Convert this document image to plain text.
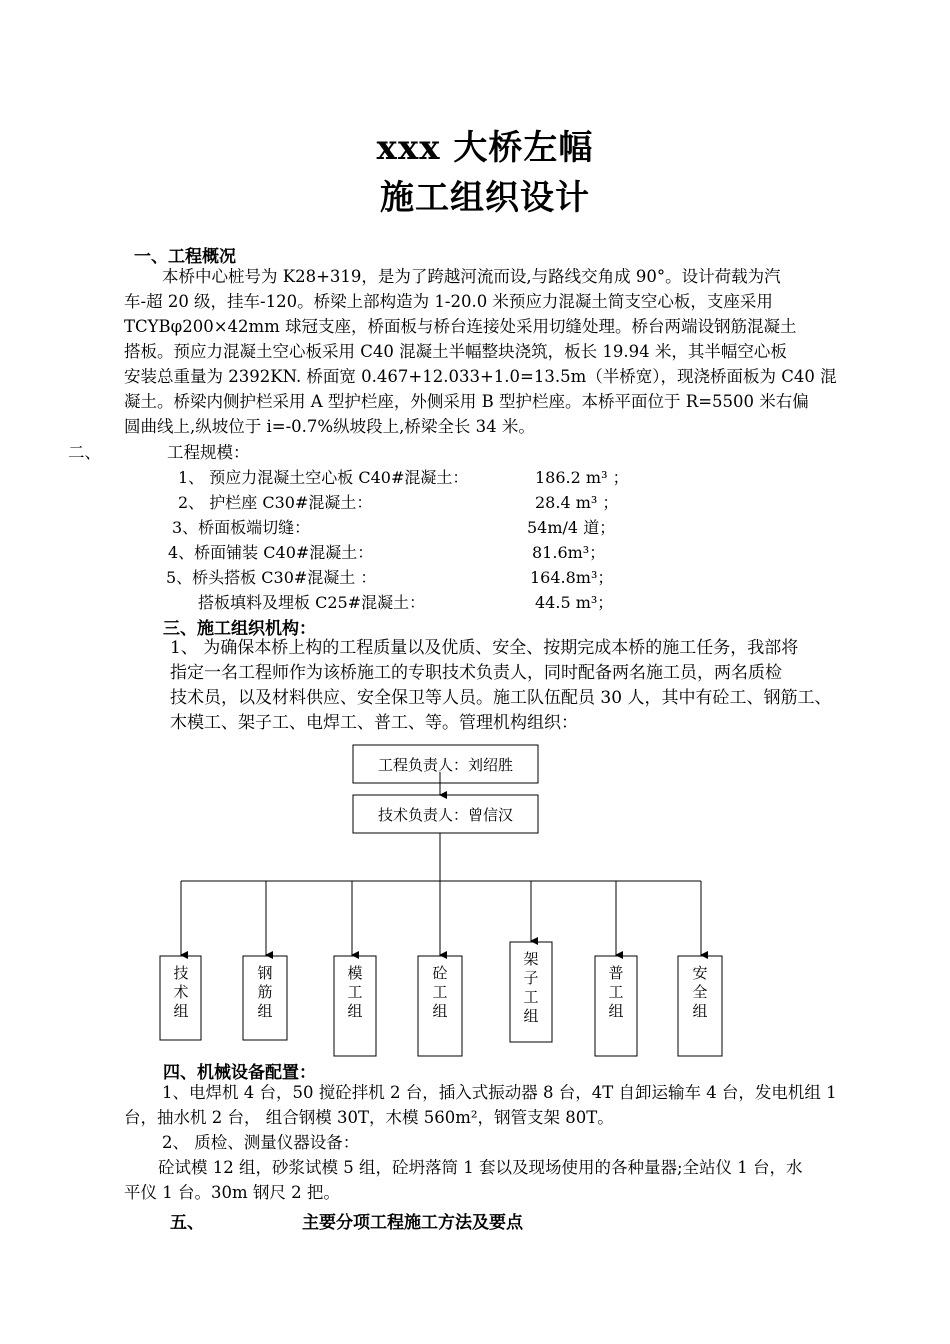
xxx 大桥左幅
施工组织设计
一、工程概况
本桥中心桩号为 K28+319，是为了跨越河流而设,与路线交角成 90°。设计荷载为汽
车-超 20 级，挂车-120。桥梁上部构造为 1-20.0 米预应力混凝土简支空心板，支座采用
TCYBφ200×42mm 球冠支座，桥面板与桥台连接处采用切缝处理。桥台两端设钢筋混凝土
搭板。预应力混凝土空心板采用 C40 混凝土半幅整块浇筑，板长 19.94 米，其半幅空心板
安装总重量为 2392KN. 桥面宽 0.467+12.033+1.0=13.5m（半桥宽），现浇桥面板为 C40 混
凝土。桥梁内侧护栏采用 A 型护栏座，外侧采用 B 型护栏座。本桥平面位于 R=5500 米右偏
圆曲线上,纵坡位于 i=-0.7%纵坡段上,桥梁全长 34 米。
二、	工程规模：
1、 预应力混凝土空心板 C40#混凝土：	186.2 m³ ；
2、 护栏座 C30#混凝土：	28.4 m³ ；
3、桥面板端切缝：	54m/4 道；
4、桥面铺装 C40#混凝土：	81.6m³；
5、桥头搭板 C30#混凝土 ：	164.8m³；
搭板填料及埋板 C25#混凝土：	44.5 m³；
三、施工组织机构：
1、 为确保本桥上构的工程质量以及优质、安全、按期完成本桥的施工任务，我部将
指定一名工程师作为该桥施工的专职技术负责人，同时配备两名施工员，两名质检
技术员，以及材料供应、安全保卫等人员。施工队伍配员 30 人，其中有砼工、钢筋工、
木模工、架子工、电焊工、普工、等。管理机构组织：
工程负责人：刘绍胜
技术负责人：曾信汉
技
术
组
钢
筋
组
模
工
组
砼
工
组
架
子
工
组
普
工
组
安
全
组
四、机械设备配置：
1、电焊机 4 台，50 搅砼拌机 2 台，插入式振动器 8 台，4T 自卸运输车 4 台，发电机组 1
台，抽水机 2 台， 组合钢模 30T，木模 560m²，钢管支架 80T。
2、 质检、测量仪器设备：
砼试模 12 组，砂浆试模 5 组，砼坍落筒 1 套以及现场使用的各种量器;全站仪 1 台，水
平仪 1 台。30m 钢尺 2 把。
五、	主要分项工程施工方法及要点
